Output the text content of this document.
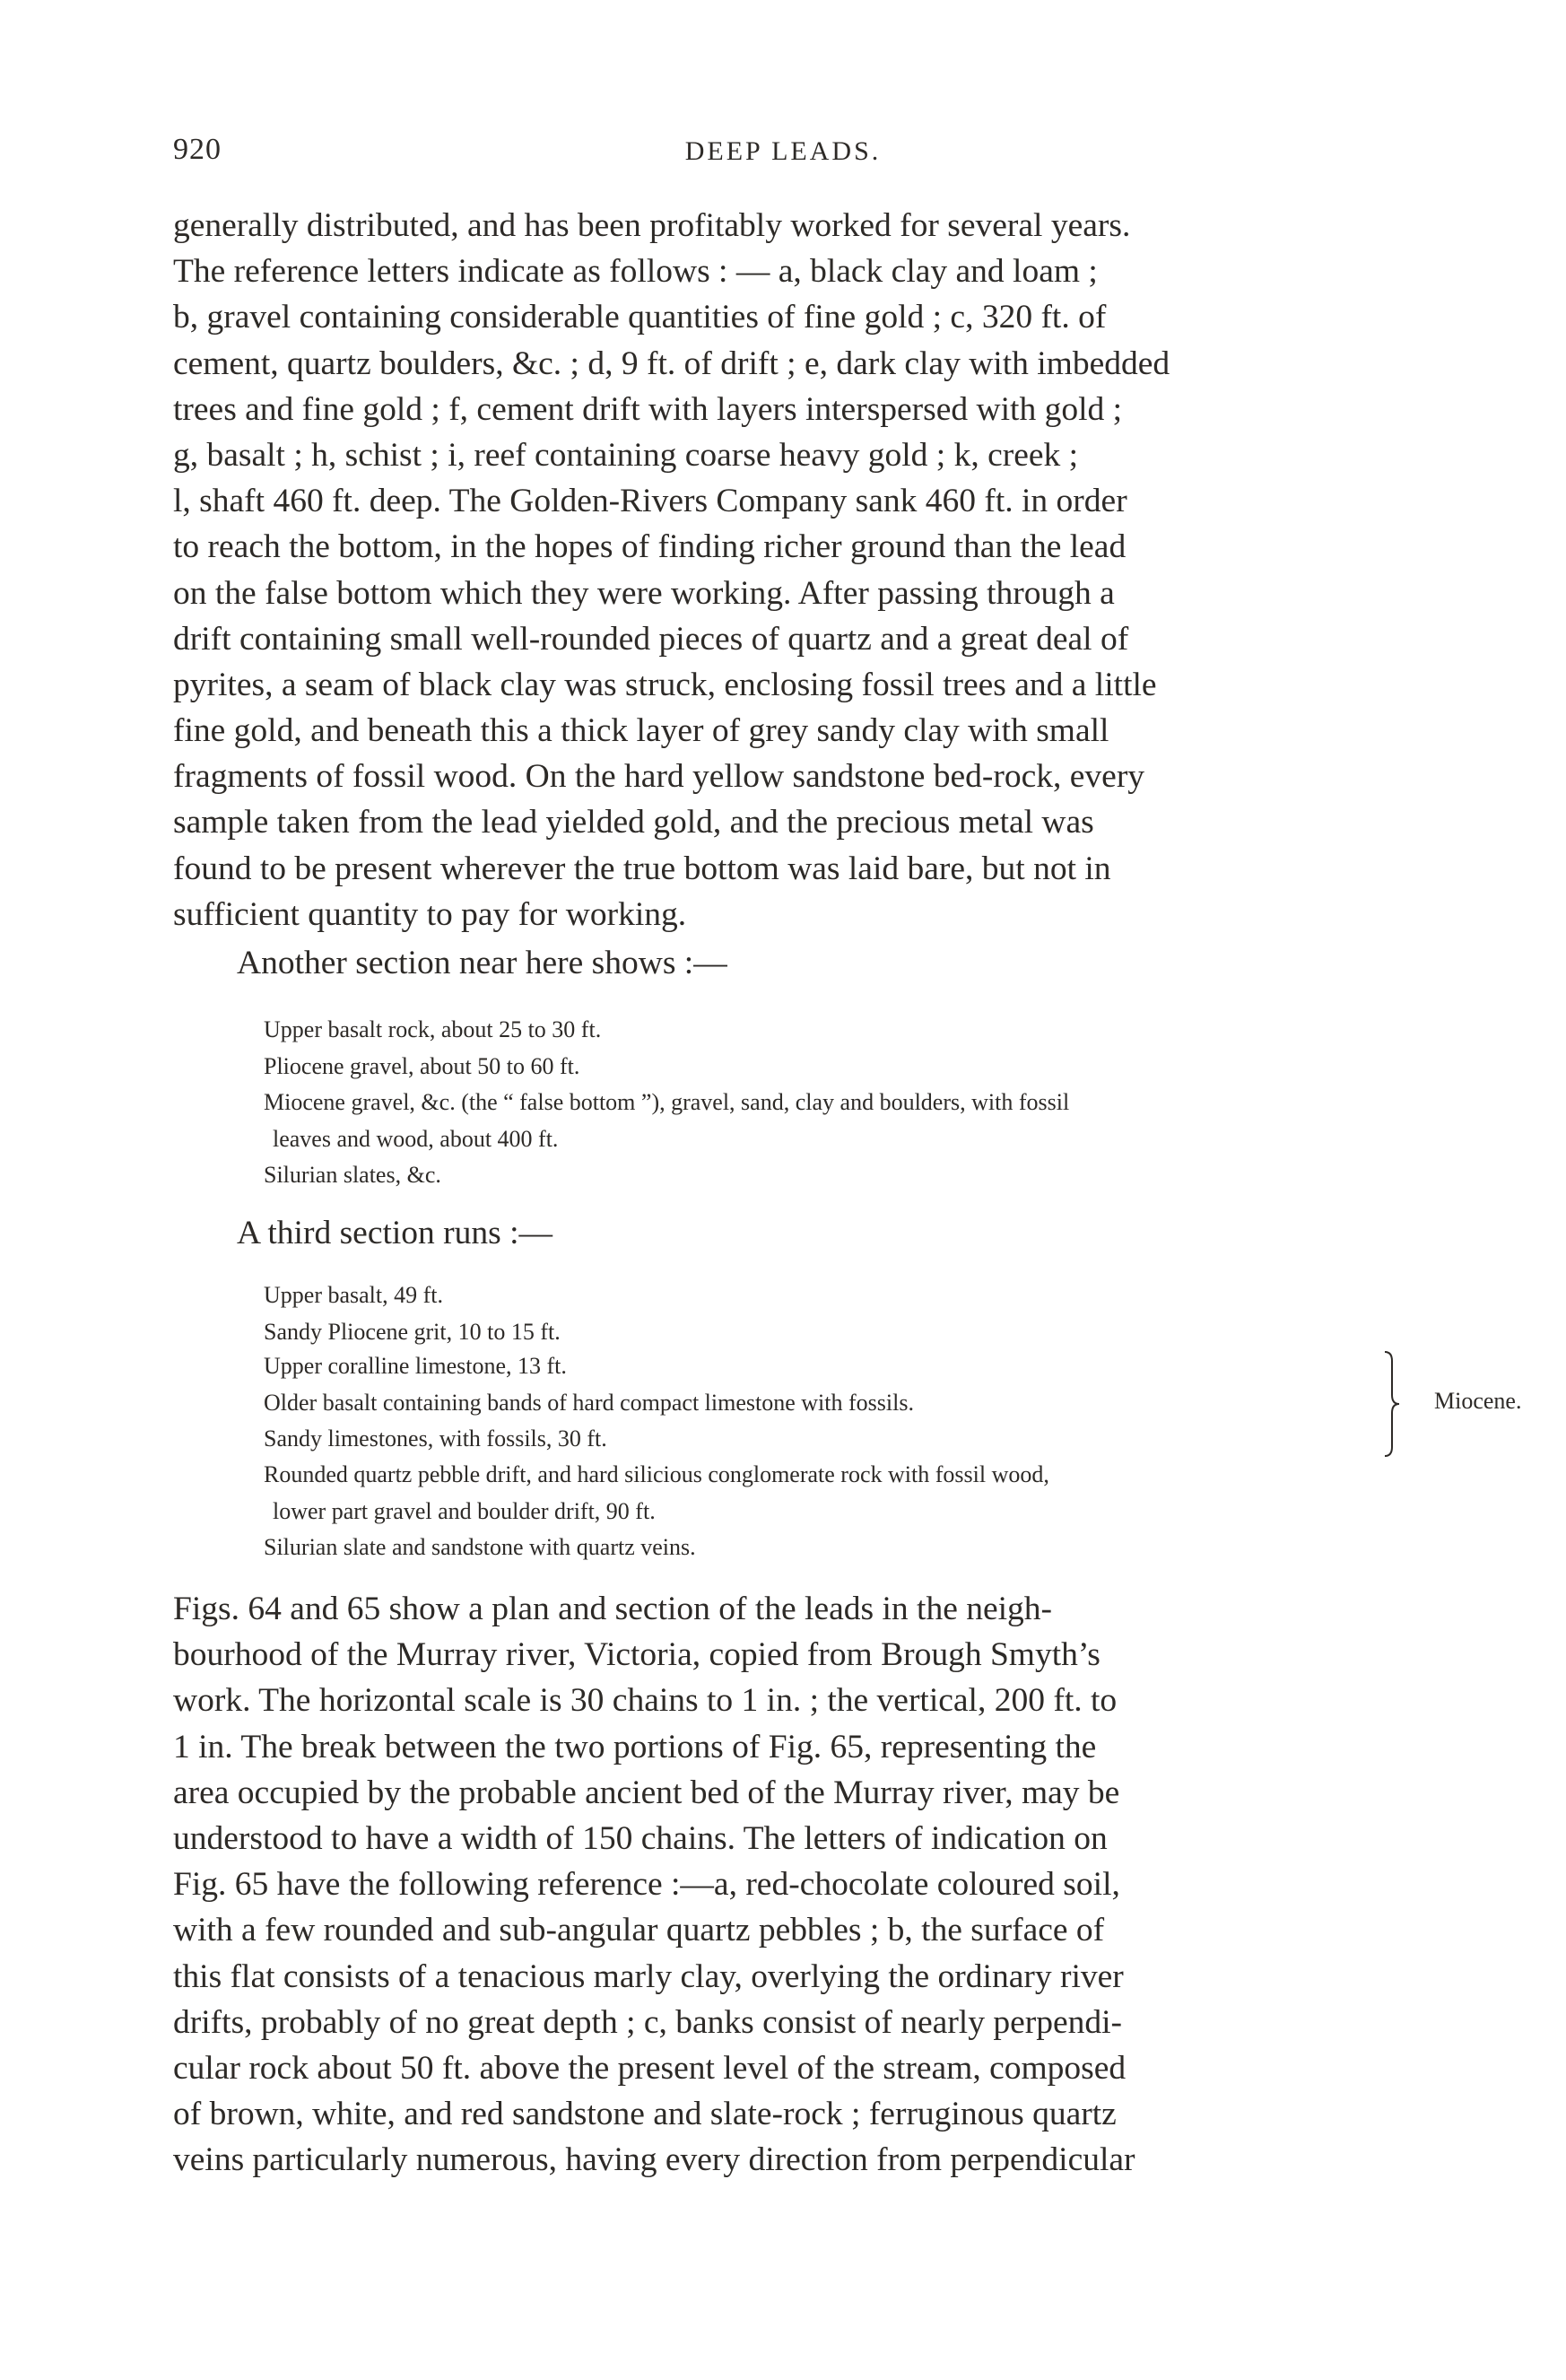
920	DEEP LEADS.
generally distributed, and has been profitably worked for several years.
The reference letters indicate as follows : — a, black clay and loam ;
b, gravel containing considerable quantities of fine gold ; c, 320 ft. of
cement, quartz boulders, &c. ; d, 9 ft. of drift ; e, dark clay with imbedded
trees and fine gold ; f, cement drift with layers interspersed with gold ;
g, basalt ; h, schist ; i, reef containing coarse heavy gold ; k, creek ;
l, shaft 460 ft. deep. The Golden-Rivers Company sank 460 ft. in order
to reach the bottom, in the hopes of finding richer ground than the lead
on the false bottom which they were working. After passing through a
drift containing small well-rounded pieces of quartz and a great deal of
pyrites, a seam of black clay was struck, enclosing fossil trees and a little
fine gold, and beneath this a thick layer of grey sandy clay with small
fragments of fossil wood. On the hard yellow sandstone bed-rock, every
sample taken from the lead yielded gold, and the precious metal was
found to be present wherever the true bottom was laid bare, but not in
sufficient quantity to pay for working.
Another section near here shows :—
Upper basalt rock, about 25 to 30 ft.
Pliocene gravel, about 50 to 60 ft.
Miocene gravel, &c. (the “ false bottom ”), gravel, sand, clay and boulders, with fossil
leaves and wood, about 400 ft.
Silurian slates, &c.
A third section runs :—
Upper basalt, 49 ft.
Sandy Pliocene grit, 10 to 15 ft.
Upper coralline limestone, 13 ft.
Older basalt containing bands of hard compact limestone with fossils.
Sandy limestones, with fossils, 30 ft.
Miocene.
Rounded quartz pebble drift, and hard silicious conglomerate rock with fossil wood,
lower part gravel and boulder drift, 90 ft.
Silurian slate and sandstone with quartz veins.
Figs. 64 and 65 show a plan and section of the leads in the neigh-
bourhood of the Murray river, Victoria, copied from Brough Smyth’s
work. The horizontal scale is 30 chains to 1 in. ; the vertical, 200 ft. to
1 in. The break between the two portions of Fig. 65, representing the
area occupied by the probable ancient bed of the Murray river, may be
understood to have a width of 150 chains. The letters of indication on
Fig. 65 have the following reference :—a, red-chocolate coloured soil,
with a few rounded and sub-angular quartz pebbles ; b, the surface of
this flat consists of a tenacious marly clay, overlying the ordinary river
drifts, probably of no great depth ; c, banks consist of nearly perpendi-
cular rock about 50 ft. above the present level of the stream, composed
of brown, white, and red sandstone and slate-rock ; ferruginous quartz
veins particularly numerous, having every direction from perpendicular
